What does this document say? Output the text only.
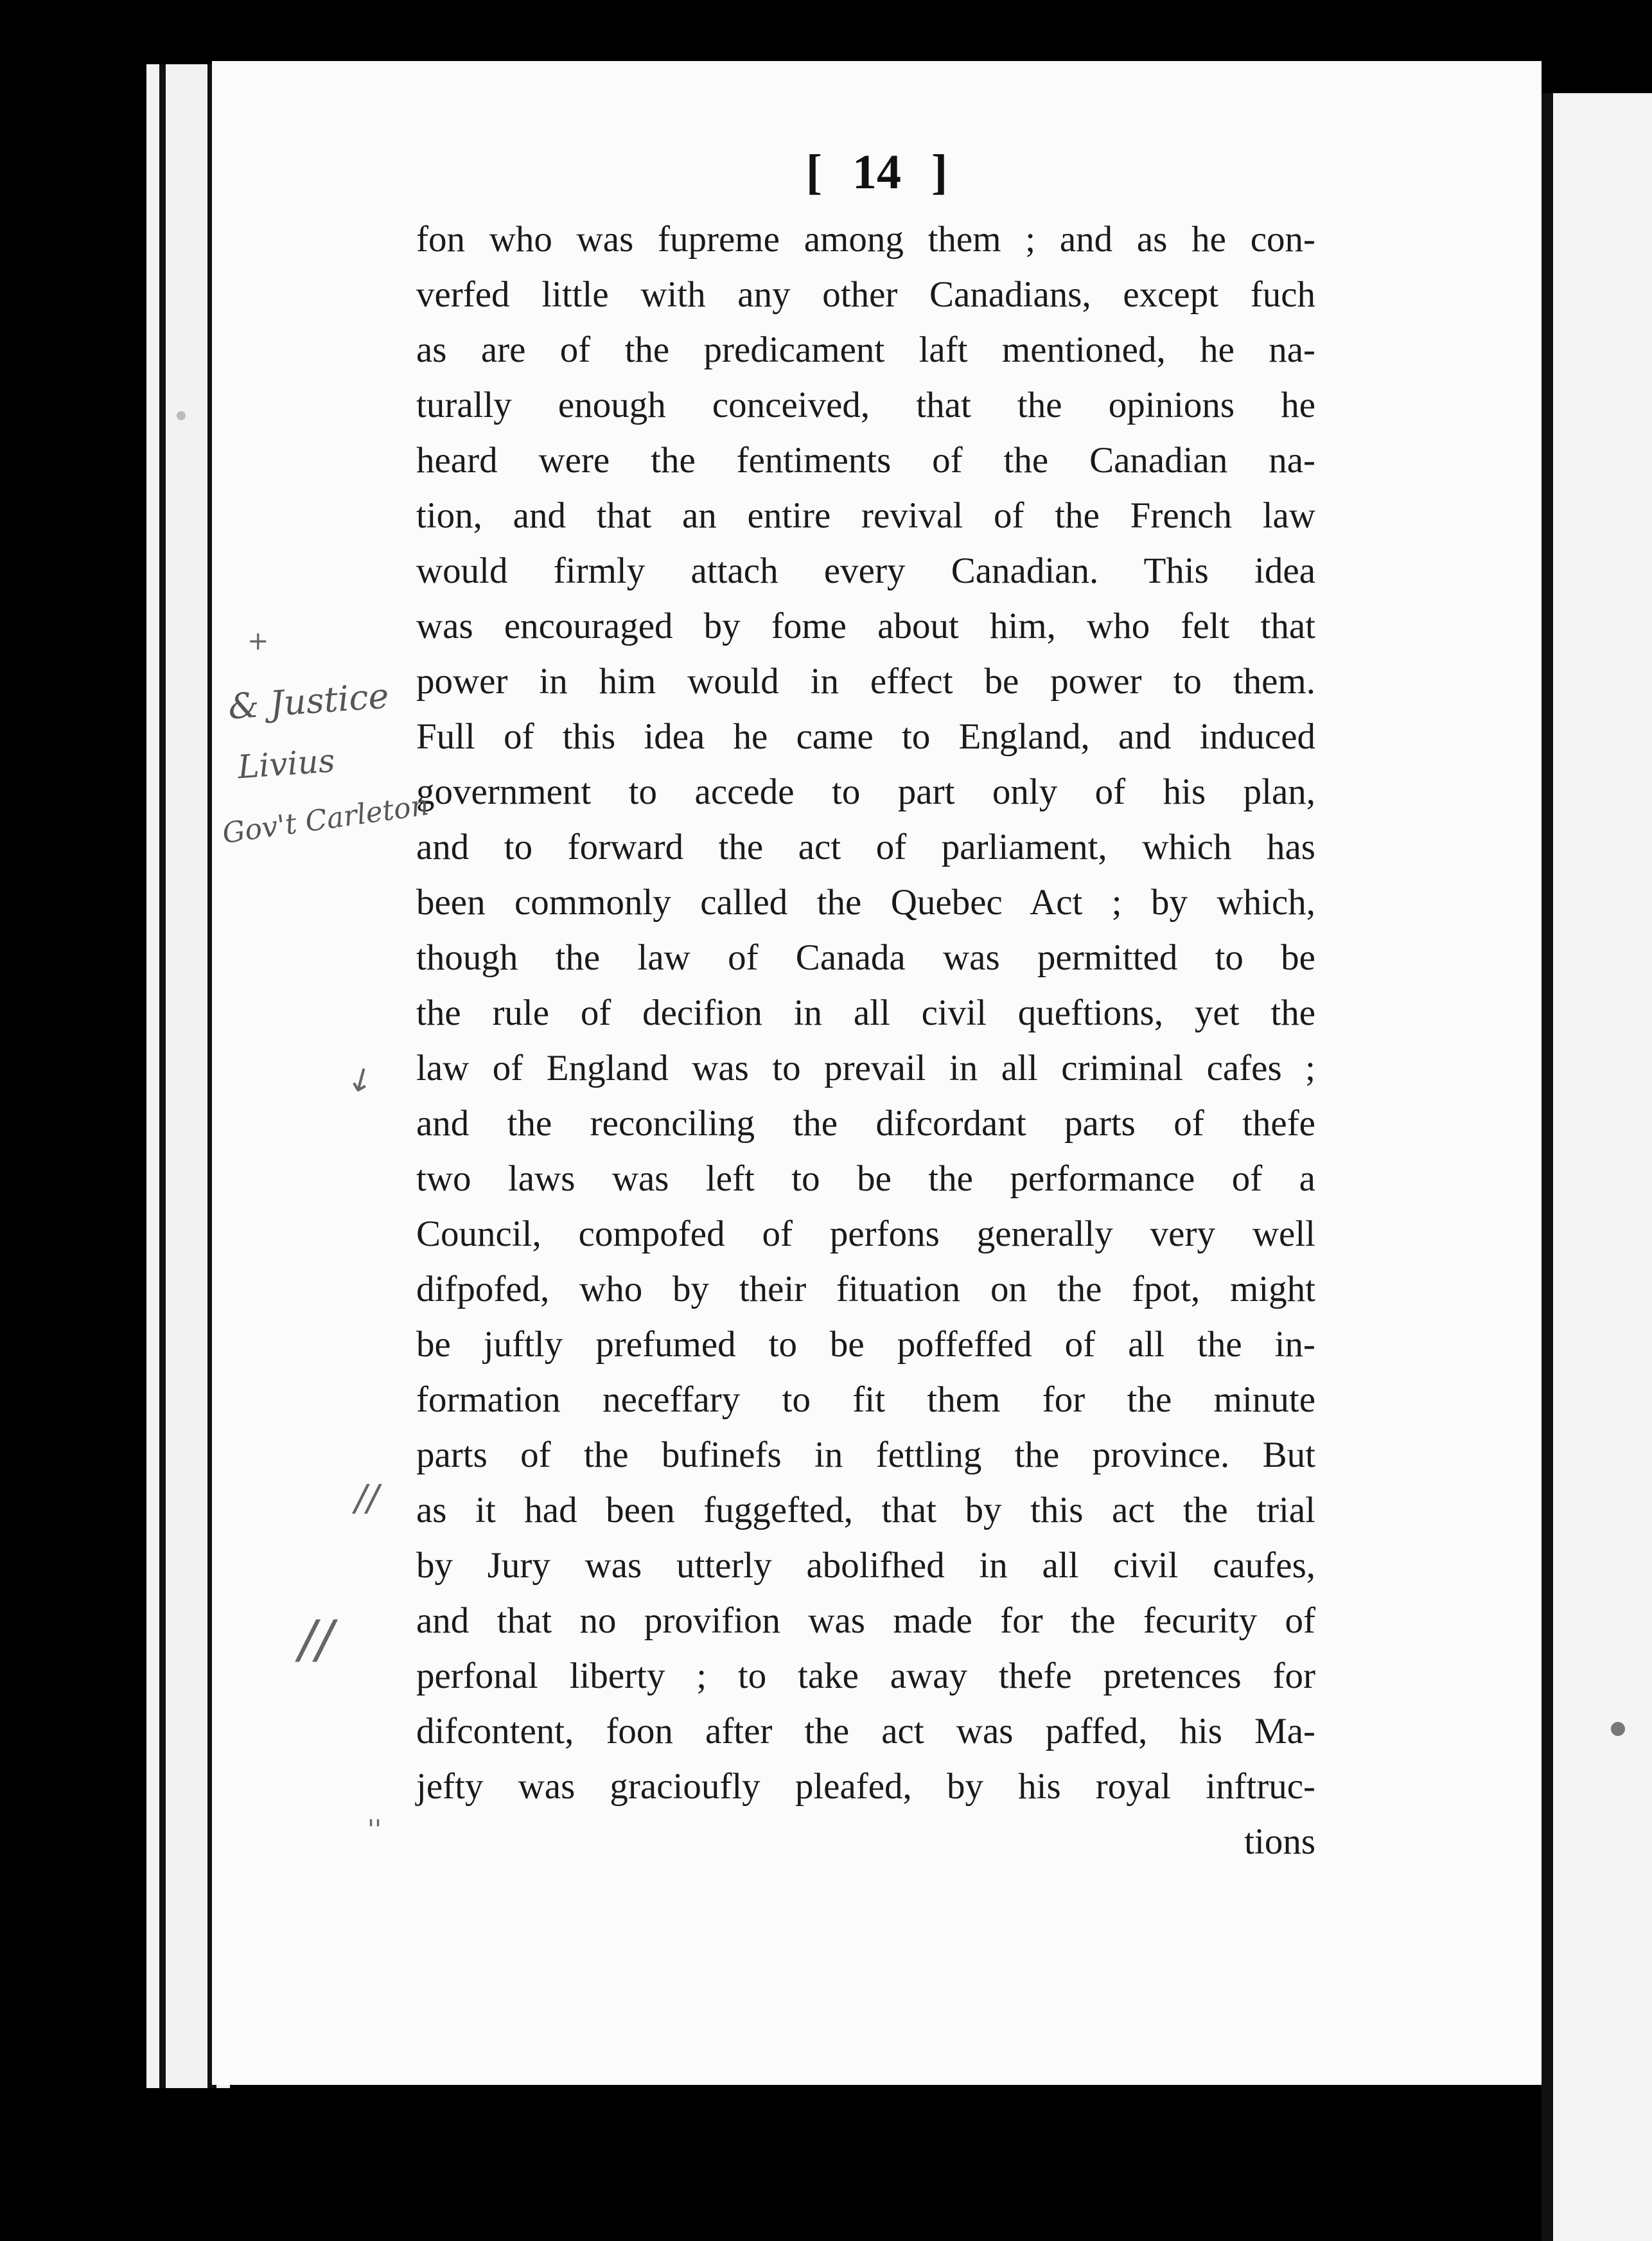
[ 14 ]
fon who was fupreme among them ; and as he con-
verfed little with any other Canadians, except fuch
as are of the predicament laft mentioned, he na-
turally enough conceived, that the opinions he
heard were the fentiments of the Canadian na-
tion, and that an entire revival of the French law
would firmly attach every Canadian. This idea
was encouraged by fome about him, who felt that
power in him would in effect be power to them.
Full of this idea he came to England, and induced
government to accede to part only of his plan,
and to forward the act of parliament, which has
been commonly called the Quebec Act ; by which,
though the law of Canada was permitted to be
the rule of decifion in all civil queftions, yet the
law of England was to prevail in all criminal cafes ;
and the reconciling the difcordant parts of thefe
two laws was left to be the performance of a
Council, compofed of perfons generally very well
difpofed, who by their fituation on the fpot, might
be juftly prefumed to be poffeffed of all the in-
formation neceffary to fit them for the minute
parts of the bufinefs in fettling the province. But
as it had been fuggefted, that by this act the trial
by Jury was utterly abolifhed in all civil caufes,
and that no provifion was made for the fecurity of
perfonal liberty ; to take away thefe pretences for
difcontent, foon after the act was paffed, his Ma-
jefty was gracioufly pleafed, by his royal inftruc-
tions
& Justice
Livius
Gov't Carleton
+
↙
//
//
''
